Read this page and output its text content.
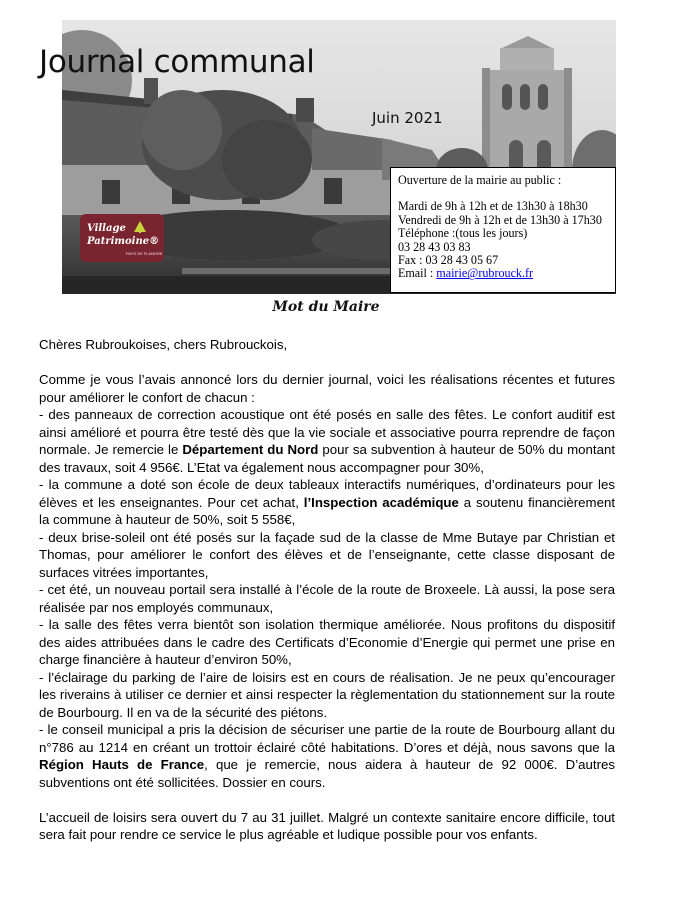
Journal communal
Juin 2021
Village
Patrimoine®
PAYS DE FLANDRE
Ouverture de la mairie au public :
Mardi de 9h à 12h et de 13h30 à 18h30
Vendredi de 9h à 12h et de 13h30 à 17h30
Téléphone :(tous les jours)
03 28 43 03 83
Fax : 03 28 43 05 67
Email : mairie@rubrouck.fr
Mot du Maire

Chères Rubroukoises, chers Rubrouckois,

Comme je vous l’avais annoncé lors du dernier journal, voici les réalisations récentes et futures pour améliorer le confort de chacun :

- des panneaux de correction acoustique ont été posés en salle des fêtes. Le confort auditif est ainsi amélioré et pourra être testé dès que la vie sociale et associative pourra reprendre de façon normale. Je remercie le Département du Nord pour sa subvention à hauteur de 50% du montant des travaux, soit 4 956€. L’Etat va également nous accompagner pour 30%,

- la commune a doté son école de deux tableaux interactifs numériques, d’ordinateurs pour les élèves et les enseignantes. Pour cet achat, l’Inspection académique a soutenu financièrement la commune à hauteur de 50%, soit 5 558€,

- deux brise-soleil ont été posés sur la façade sud de la classe de Mme Butaye par Christian et Thomas, pour améliorer le confort des élèves et de l’enseignante, cette classe disposant de surfaces vitrées importantes,

- cet été, un nouveau portail sera installé à l’école de la route de Broxeele. Là aussi, la pose sera réalisée par nos employés communaux,

- la salle des fêtes verra bientôt son isolation thermique améliorée. Nous profitons du dispositif des aides attribuées dans le cadre des Certificats d’Economie d’Energie qui permet une prise en charge financière à hauteur d’environ 50%,

- l’éclairage du parking de l’aire de loisirs est en cours de réalisation. Je ne peux qu’encourager les riverains à utiliser ce dernier et ainsi respecter la règlementation du stationnement sur la route de Bourbourg. Il en va de la sécurité des piétons.

- le conseil municipal a pris la décision de sécuriser une partie de la route de Bourbourg allant du n°786 au 1214 en créant un trottoir éclairé côté habitations. D’ores et déjà, nous savons que la Région Hauts de France, que je remercie, nous aidera à hauteur de 92 000€. D’autres subventions ont été sollicitées. Dossier en cours.

L’accueil de loisirs sera ouvert du 7 au 31 juillet. Malgré un contexte sanitaire encore difficile, tout sera fait pour rendre ce service le plus agréable et ludique possible pour vos enfants.
